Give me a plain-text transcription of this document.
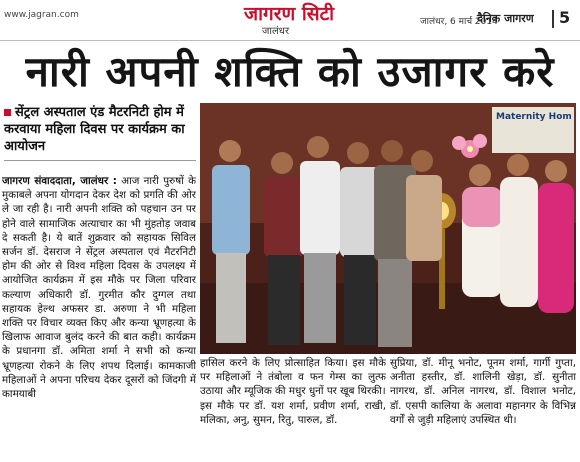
www.jagran.com	जागरण सिटी
जालंधर
जालंधर, 6 मार्च 2014
दैनिक जागरण 5
नारी अपनी शक्ति को उजागर करे
सेंट्रल अस्पताल एंड मैटरनिटी होम में करवाया महिला दिवस पर कार्यक्रम का आयोजन

जागरण संवाददाता, जालंधर : आज नारी पुरुषों के मुकाबले अपना योगदान देकर देश को प्रगति की ओर ले जा रही है। नारी अपनी शक्ति को पहचान उन पर होने वाले सामाजिक अत्याचार का भी मुंहतोड़ जवाब दे सकती है। ये बातें शुक्रवार को सहायक सिविल सर्जन डॉ. देसराज ने सेंट्रल अस्पताल एवं मैटरनिटी होम की ओर से विश्व महिला दिवस के उपलक्ष्य में आयोजित कार्यक्रम में इस मौके पर जिला परिवार कल्याण अधिकारी डॉ. गुरमीत कौर दुग्गल तथा सहायक हेल्थ अफसर डा. अरुणा ने भी महिला शक्ति पर विचार व्यक्त किए और कन्या भ्रूणहत्या के खिलाफ आवाज बुलंद करने की बात कही। कार्यक्रम के प्रधानगा डॉ. अमिता शर्मा ने सभी को कन्या भ्रूणहत्या रोकने के लिए शपथ दिलाई। कामकाजी महिलाओं ने अपना परिचय देकर दूसरों को जिंदगी में कामयाबी

Maternity Hom

हासिल करने के लिए प्रोत्साहित किया। इस मौके पर महिलाओं ने तंबोला व फन गेम्स का लुत्फ उठाया और म्यूजिक की मधुर धुनों पर खूब थिरकी।

इस मौके पर डॉ. यश शर्मा, प्रवीण शर्मा, राखी, मलिका, अनु, सुमन, रितु, पारुल, डॉ.

सुप्रिया, डॉ. मीनू भनोट, पूनम शर्मा, गार्गी गुप्ता, अनीता हस्तीर, डॉ. शालिनी खेड़ा, डॉ. सुनीता नागरथ, डॉ. अनिल नागरथ, डॉ. विशाल भनोट, डॉ. एसपी कालिया के अलावा महानगर के विभिन्न वर्गों से जुड़ी महिलाएं उपस्थित थी।
